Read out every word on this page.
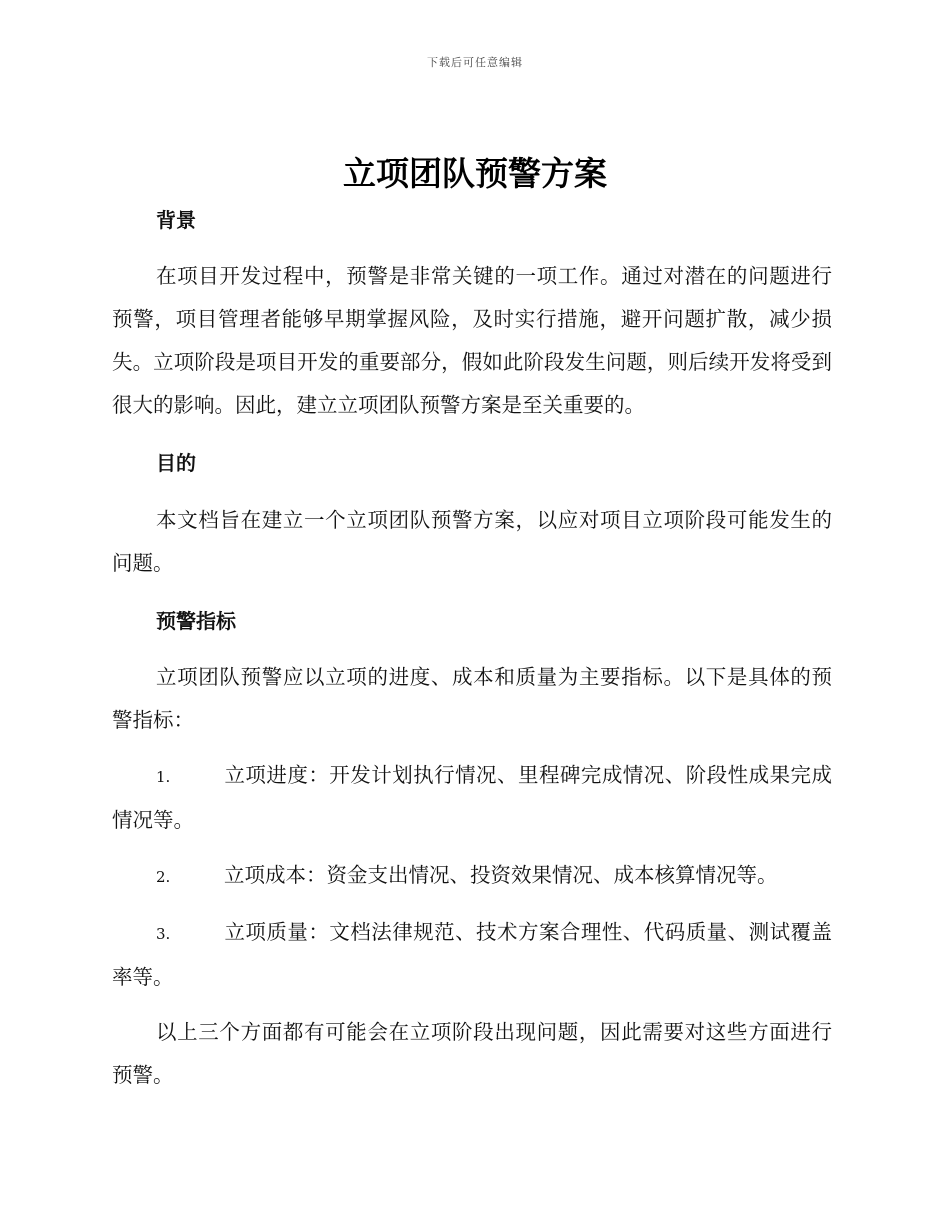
下载后可任意编辑
立项团队预警方案
背景

在项目开发过程中，预警是非常关键的一项工作。通过对潜在的问题进行预警，项目管理者能够早期掌握风险，及时实行措施，避开问题扩散，减少损失。立项阶段是项目开发的重要部分，假如此阶段发生问题，则后续开发将受到很大的影响。因此，建立立项团队预警方案是至关重要的。

目的

本文档旨在建立一个立项团队预警方案，以应对项目立项阶段可能发生的问题。

预警指标

立项团队预警应以立项的进度、成本和质量为主要指标。以下是具体的预警指标：

1.	立项进度：开发计划执行情况、里程碑完成情况、阶段性成果完成情况等。

2.	立项成本：资金支出情况、投资效果情况、成本核算情况等。

3.	立项质量：文档法律规范、技术方案合理性、代码质量、测试覆盖率等。

以上三个方面都有可能会在立项阶段出现问题，因此需要对这些方面进行预警。
